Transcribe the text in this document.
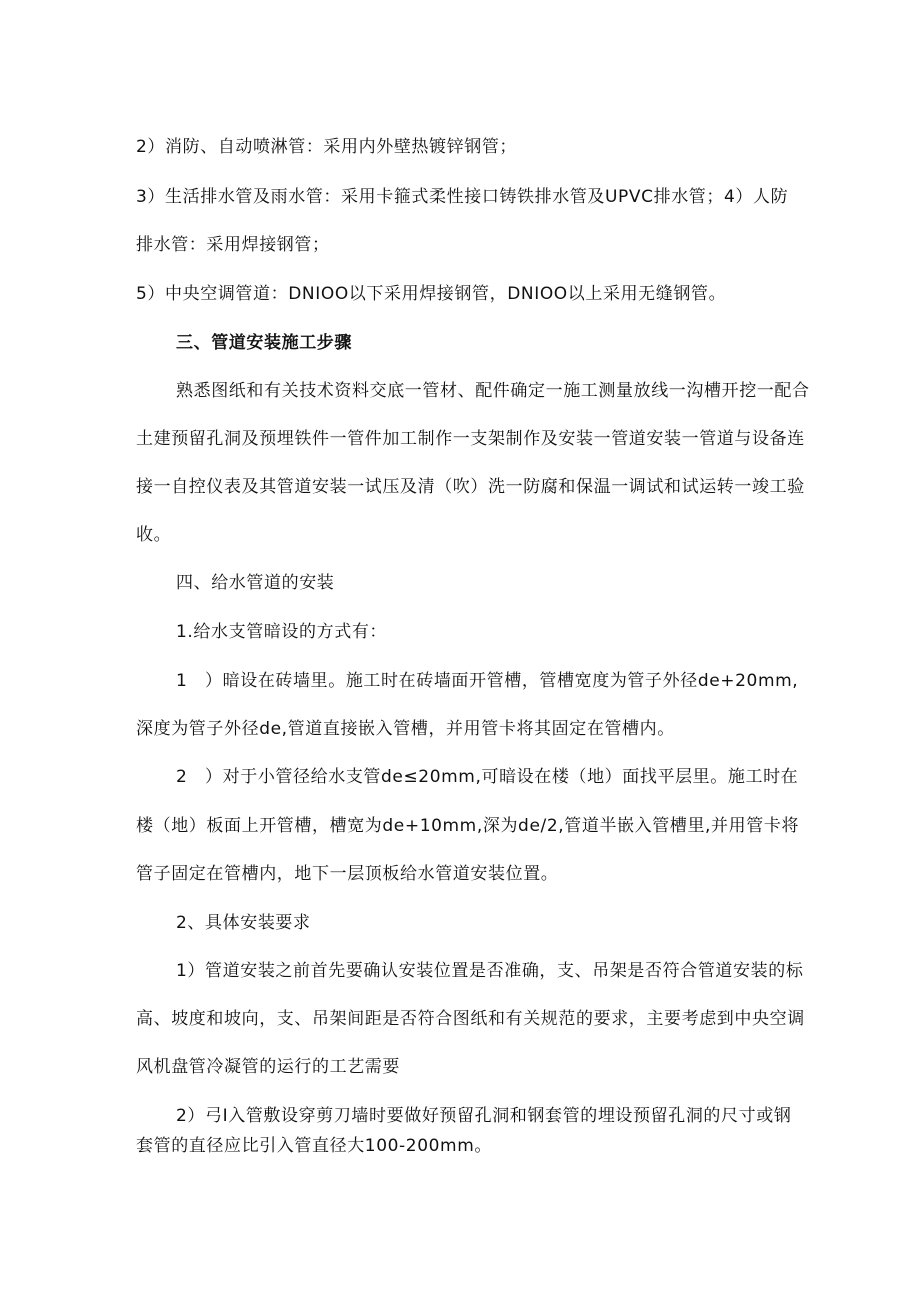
2）消防、自动喷淋管：采用内外壁热镀锌钢管；
3）生活排水管及雨水管：采用卡箍式柔性接口铸铁排水管及UPVC排水管；4）人防
排水管：采用焊接钢管；
5）中央空调管道：DNIOO以下采用焊接钢管，DNIOO以上采用无缝钢管。
三、管道安装施工步骤
熟悉图纸和有关技术资料交底一管材、配件确定一施工测量放线一沟槽开挖一配合
土建预留孔洞及预埋铁件一管件加工制作一支架制作及安装一管道安装一管道与设备连
接一自控仪表及其管道安装一试压及清（吹）洗一防腐和保温一调试和试运转一竣工验
收。
四、给水管道的安装
1.给水支管暗设的方式有：
1　）暗设在砖墙里。施工时在砖墙面开管槽，管槽宽度为管子外径de+20mm,
深度为管子外径de,管道直接嵌入管槽，并用管卡将其固定在管槽内。
2　）对于小管径给水支管de≤20mm,可暗设在楼（地）面找平层里。施工时在
楼（地）板面上开管槽，槽宽为de+10mm,深为de/2,管道半嵌入管槽里,并用管卡将
管子固定在管槽内，地下一层顶板给水管道安装位置。
2、具体安装要求
1）管道安装之前首先要确认安装位置是否准确，支、吊架是否符合管道安装的标
高、坡度和坡向，支、吊架间距是否符合图纸和有关规范的要求，主要考虑到中央空调
风机盘管冷凝管的运行的工艺需要
2）弓I入管敷设穿剪刀墙时要做好预留孔洞和钢套管的埋设预留孔洞的尺寸或钢
套管的直径应比引入管直径大100-200mm。
